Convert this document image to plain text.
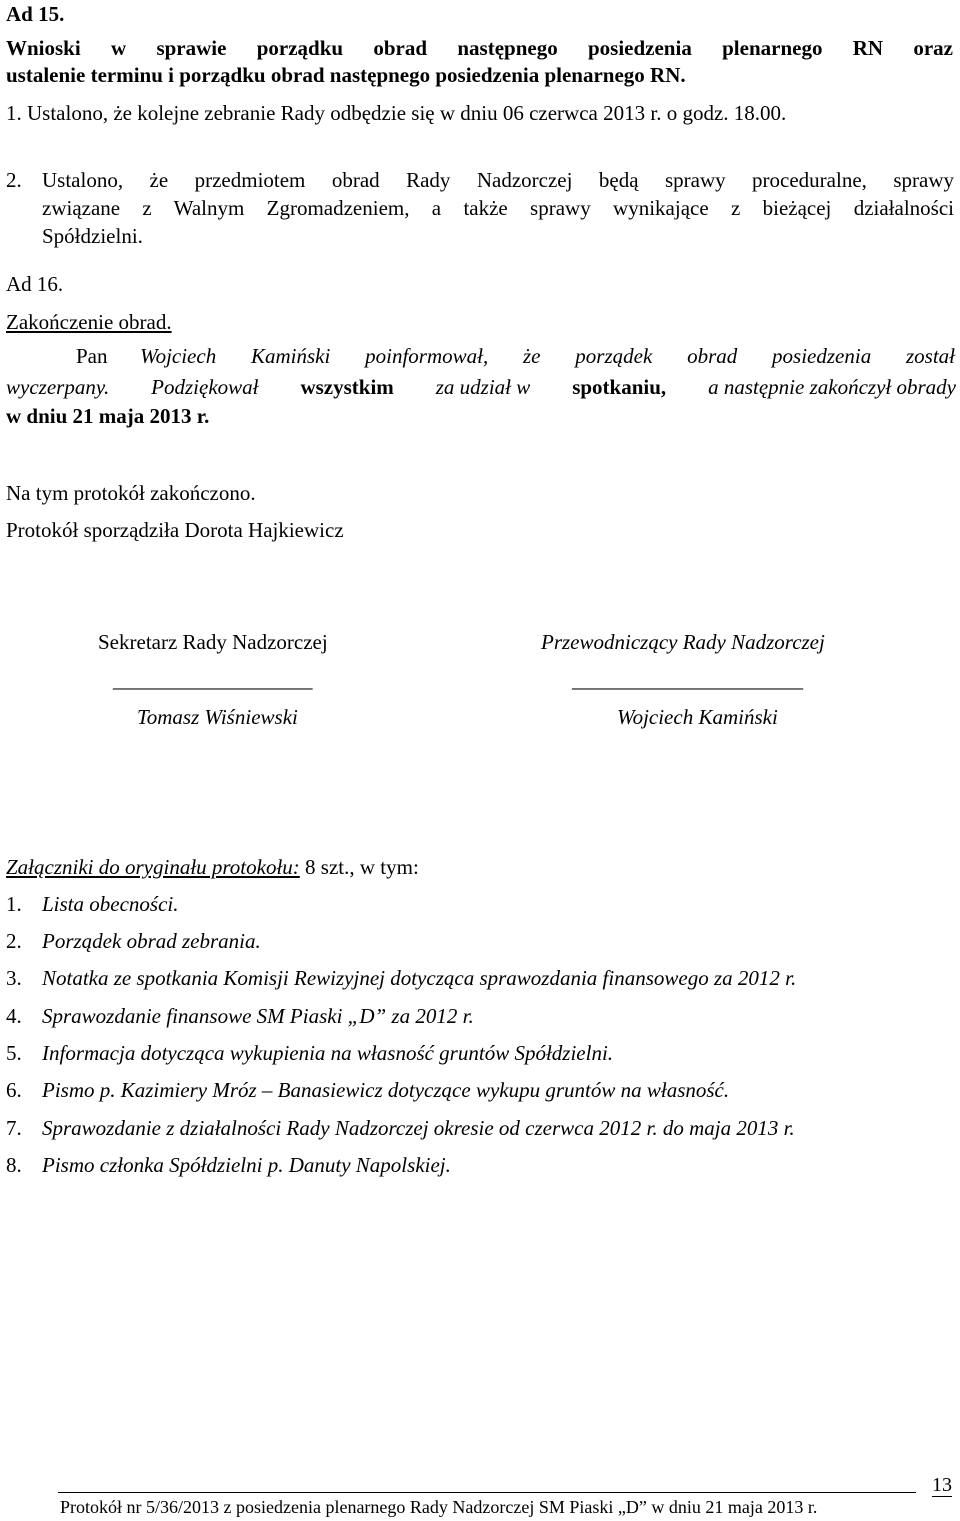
Ad 15.
Wnioski w sprawie porządku obrad następnego posiedzenia plenarnego RN oraz
ustalenie terminu i porządku obrad następnego posiedzenia plenarnego RN.
1. Ustalono, że kolejne zebranie Rady odbędzie się w dniu 06 czerwca 2013 r. o godz. 18.00.
2. Ustalono, że przedmiotem obrad Rady Nadzorczej będą sprawy proceduralne, sprawy
związane z Walnym Zgromadzeniem, a także sprawy wynikające z bieżącej działalności
Spółdzielni.
Ad 16.
Zakończenie obrad.
Pan Wojciech Kamiński poinformował, że porządek obrad posiedzenia został
wyczerpany. Podziękował wszystkim za udział w spotkaniu, a następnie zakończył obrady
w dniu 21 maja 2013 r.
Na tym protokół zakończono.
Protokół sporządziła Dorota Hajkiewicz
Sekretarz Rady Nadzorczej
___________________
Tomasz Wiśniewski
Przewodniczący Rady Nadzorczej
______________________
Wojciech Kamiński
Załączniki do oryginału protokołu: 8 szt., w tym:
1. Lista obecności.
2. Porządek obrad zebrania.
3. Notatka ze spotkania Komisji Rewizyjnej dotycząca sprawozdania finansowego za 2012 r.
4. Sprawozdanie finansowe SM Piaski „D” za 2012 r.
5. Informacja dotycząca wykupienia na własność gruntów Spółdzielni.
6. Pismo p. Kazimiery Mróz – Banasiewicz dotyczące wykupu gruntów na własność.
7. Sprawozdanie z działalności Rady Nadzorczej okresie od czerwca 2012 r. do maja 2013 r.
8. Pismo członka Spółdzielni p. Danuty Napolskiej.
Protokół nr 5/36/2013 z posiedzenia plenarnego Rady Nadzorczej SM Piaski „D” w dniu 21 maja 2013 r.
13
